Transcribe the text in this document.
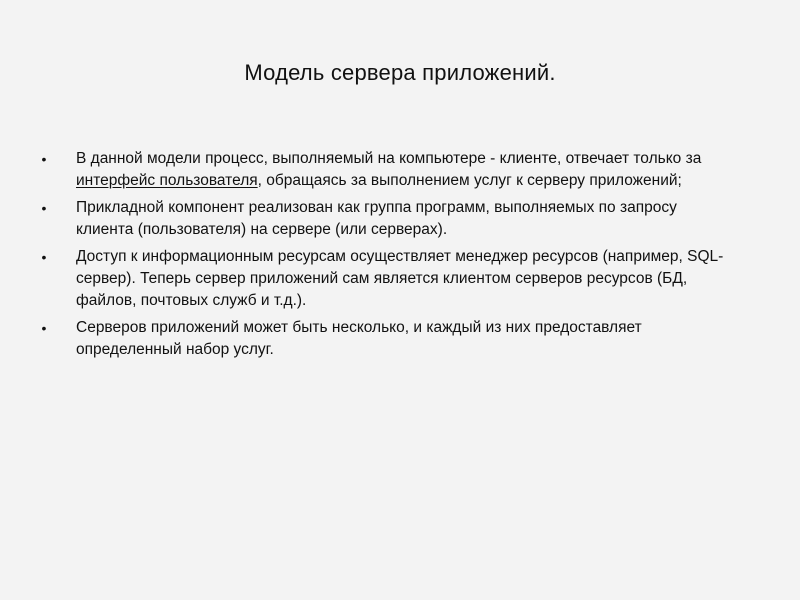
Модель сервера приложений.
• В данной модели процесс, выполняемый на компьютере - клиенте, отвечает только за интерфейс пользователя, обращаясь за выполнением услуг к серверу приложений;
• Прикладной компонент реализован как группа программ, выполняемых по запросу клиента (пользователя) на сервере (или серверах).
• Доступ к информационным ресурсам осуществляет менеджер ресурсов (например, SQL-сервер). Теперь сервер приложений сам является клиентом серверов ресурсов (БД, файлов, почтовых служб и т.д.).
• Серверов приложений может быть несколько, и каждый из них предоставляет определенный набор услуг.
